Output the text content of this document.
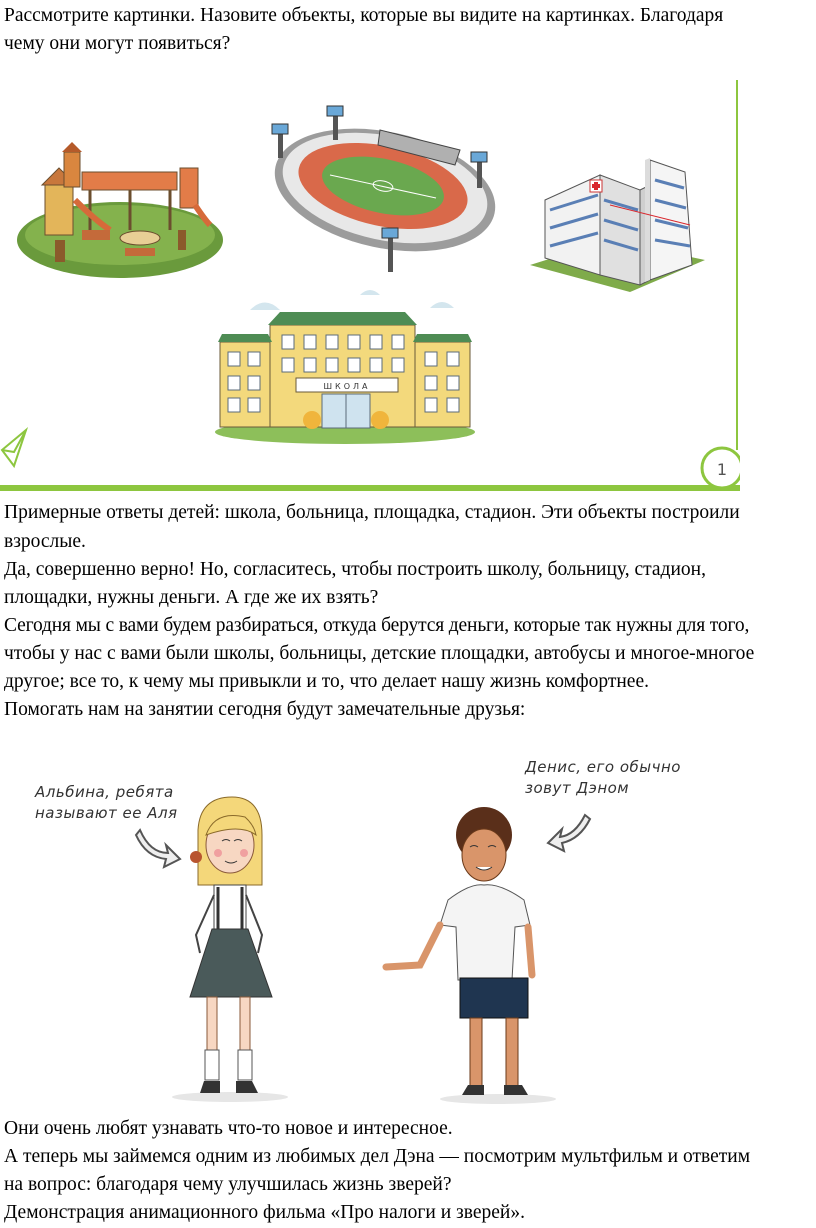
Рассмотрите картинки. Назовите объекты, которые вы видите на картинках. Благодаря

чему они могут появиться?

1
ШКОЛА

Примерные ответы детей: школа, больница, площадка, стадион. Эти объекты построили

взрослые.

Да, совершенно верно! Но, согласитесь, чтобы построить школу, больницу, стадион,

площадки, нужны деньги. А где же их взять?

Сегодня мы с вами будем разбираться, откуда берутся деньги, которые так нужны для того,

чтобы у нас с вами были школы, больницы, детские площадки, автобусы и многое-многое

другое; все то, к чему мы привыкли и то, что делает нашу жизнь комфортнее.

Помогать нам на занятии сегодня будут замечательные друзья:

Альбина, ребята
называют ее Аля
Денис, его обычно
зовут Дэном

Они очень любят узнавать что-то новое и интересное.

А теперь мы займемся одним из любимых дел Дэна — посмотрим мультфильм и ответим

на вопрос: благодаря чему улучшилась жизнь зверей?

Демонстрация анимационного фильма «Про налоги и зверей».
